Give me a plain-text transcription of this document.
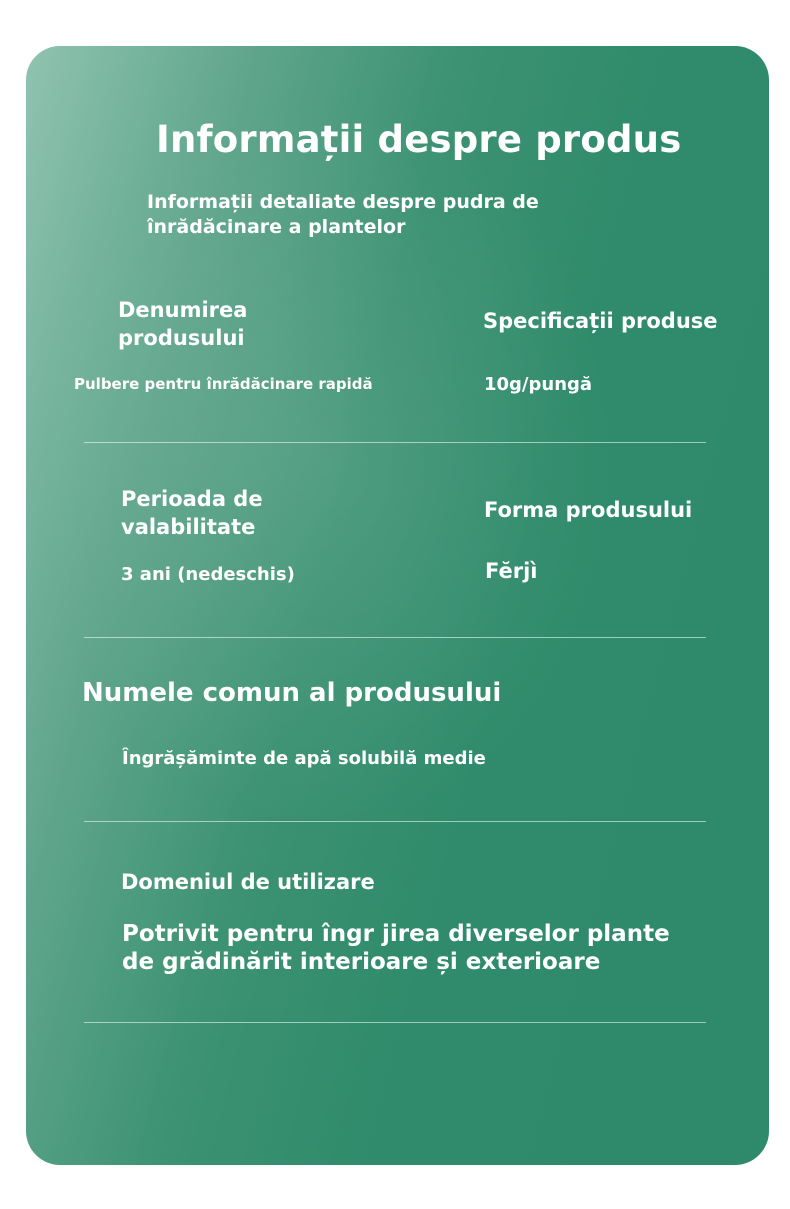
Informații despre produs

Informații detaliate despre pudra de înrădăcinare a plantelor

Denumirea produsului
Pulbere pentru înrădăcinare rapidă
Specificații produse
10g/pungă
Perioada de valabilitate
3 ani (nedeschis)
Forma produsului
Fĕrjì
Numele comun al produsului
Îngrășăminte de apă solubilă medie
Domeniul de utilizare
Potrivit pentru îngr jirea diverselor plante de grădinărit interioare și exterioare
